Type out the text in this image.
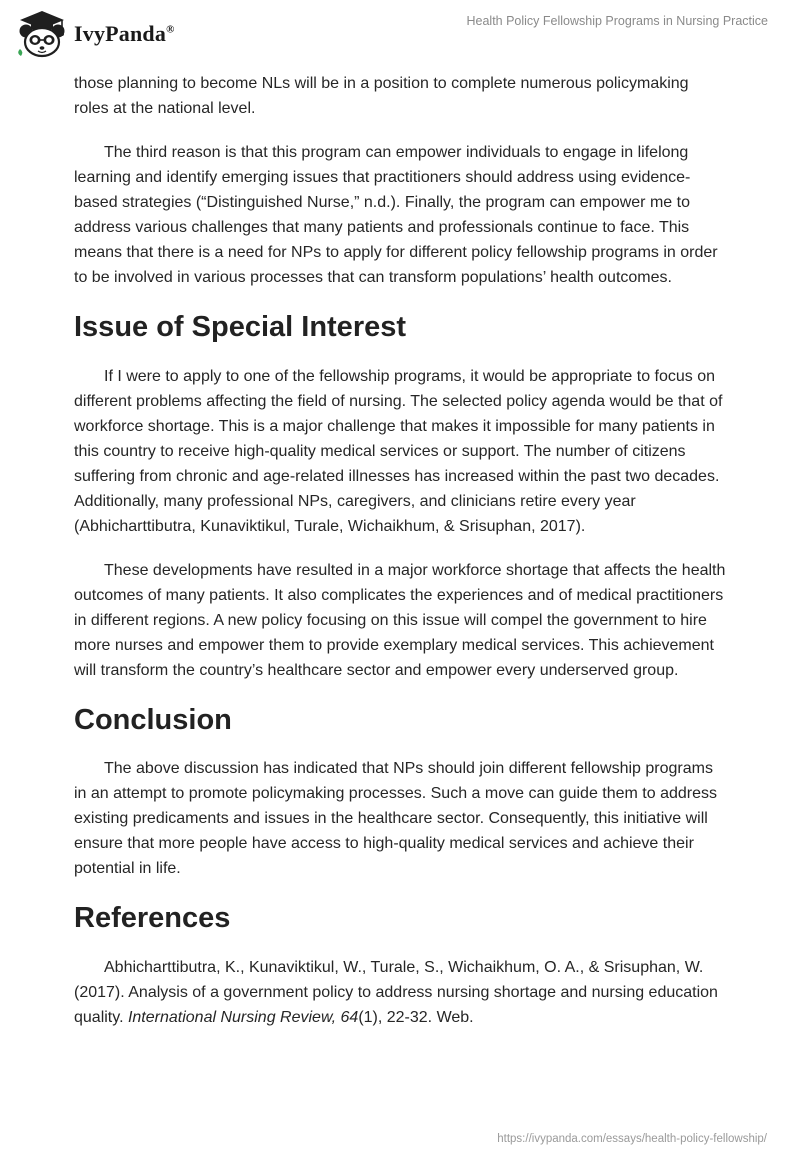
IvyPanda®
Health Policy Fellowship Programs in Nursing Practice

those planning to become NLs will be in a position to complete numerous policymaking roles at the national level.

The third reason is that this program can empower individuals to engage in lifelong learning and identify emerging issues that practitioners should address using evidence-based strategies (“Distinguished Nurse,” n.d.). Finally, the program can empower me to address various challenges that many patients and professionals continue to face. This means that there is a need for NPs to apply for different policy fellowship programs in order to be involved in various processes that can transform populations’ health outcomes.

Issue of Special Interest

If I were to apply to one of the fellowship programs, it would be appropriate to focus on different problems affecting the field of nursing. The selected policy agenda would be that of workforce shortage. This is a major challenge that makes it impossible for many patients in this country to receive high-quality medical services or support. The number of citizens suffering from chronic and age-related illnesses has increased within the past two decades. Additionally, many professional NPs, caregivers, and clinicians retire every year (Abhicharttibutra, Kunaviktikul, Turale, Wichaikhum, & Srisuphan, 2017).

These developments have resulted in a major workforce shortage that affects the health outcomes of many patients. It also complicates the experiences and of medical practitioners in different regions. A new policy focusing on this issue will compel the government to hire more nurses and empower them to provide exemplary medical services. This achievement will transform the country’s healthcare sector and empower every underserved group.

Conclusion

The above discussion has indicated that NPs should join different fellowship programs in an attempt to promote policymaking processes. Such a move can guide them to address existing predicaments and issues in the healthcare sector. Consequently, this initiative will ensure that more people have access to high-quality medical services and achieve their potential in life.

References

Abhicharttibutra, K., Kunaviktikul, W., Turale, S., Wichaikhum, O. A., & Srisuphan, W. (2017). Analysis of a government policy to address nursing shortage and nursing education quality. International Nursing Review, 64(1), 22-32. Web.

https://ivypanda.com/essays/health-policy-fellowship/
